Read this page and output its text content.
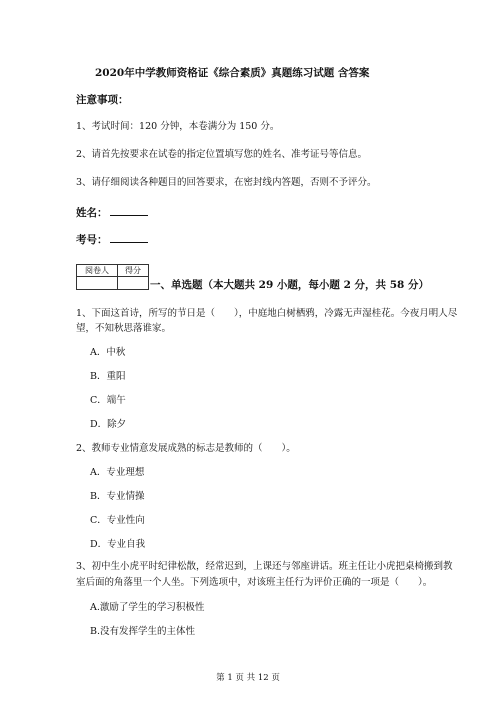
2020年中学教师资格证《综合素质》真题练习试题 含答案
注意事项：
1、考试时间：120 分钟，本卷满分为 150 分。
2、请首先按要求在试卷的指定位置填写您的姓名、准考证号等信息。
3、请仔细阅读各种题目的回答要求，在密封线内答题，否则不予评分。
姓名：
考号：
阅卷人	得分

一、单选题（本大题共 29 小题，每小题 2 分，共 58 分）
1、下面这首诗，所写的节日是（　　），中庭地白树栖鸦，冷露无声湿桂花。今夜月明人尽
望，不知秋思落谁家。
A．中秋
B．重阳
C．端午
D．除夕
2、教师专业情意发展成熟的标志是教师的（　　）。
A．专业理想
B．专业情操
C．专业性向
D．专业自我
3、初中生小虎平时纪律松散，经常迟到，上课还与邻座讲话。班主任让小虎把桌椅搬到教
室后面的角落里一个人坐。下列选项中，对该班主任行为评价正确的一项是（　　）。
A.激励了学生的学习积极性
B.没有发挥学生的主体性
第 1 页 共 12 页
